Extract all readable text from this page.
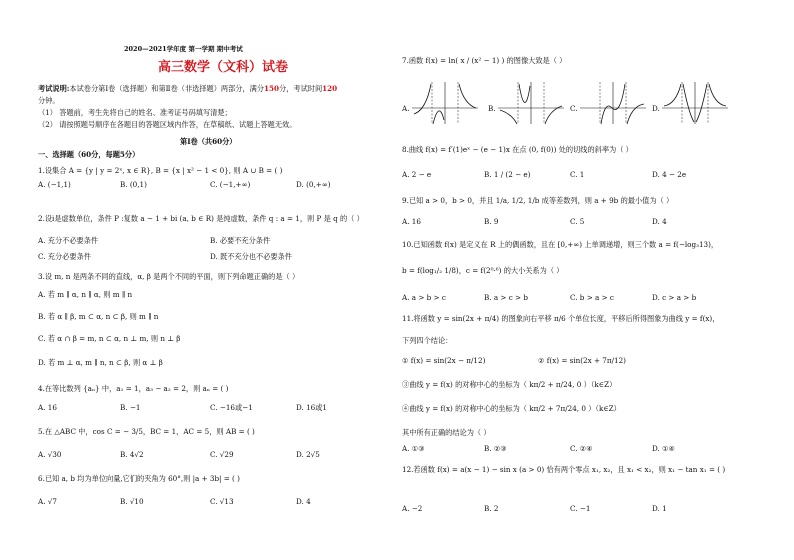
2020—2021学年度 第一学期 期中考试
高三数学（文科）试卷
考试说明:本试卷分第Ⅰ卷（选择题）和第Ⅱ卷（非选择题）两部分，满分150分，考试时间120
分钟。
（1） 答题前，考生先将自己的姓名、准考证号码填写清楚；
（2） 请按照题号顺序在各题目的答题区域内作答，在草稿纸、试题上答题无效。
第Ⅰ卷（共60分）
一、选择题（60分，每题5分）
1.设集合 A = {y | y = 2ˣ, x ∈ R}, B = {x | x² − 1 < 0}, 则 A ∪ B = ( )
A. (−1,1)	B. (0,1)	C. (−1,+∞)	D. (0,+∞)
2.设i是虚数单位，条件 P :复数 a − 1 + bi (a, b ∈ R) 是纯虚数，条件 q : a = 1，则 P 是 q 的（ ）
A. 充分不必要条件	B. 必要不充分条件
C. 充分必要条件	D. 既不充分也不必要条件
3.设 m, n 是两条不同的直线，α, β 是两个不同的平面，则下列命题正确的是（ ）
A. 若 m ∥ α, n ∥ α, 则 m ∥ n
B. 若 α ∥ β, m ⊂ α, n ⊂ β, 则 m ∥ n
C. 若 α ∩ β = m, n ⊂ α, n ⊥ m, 则 n ⊥ β
D. 若 m ⊥ α, m ∥ n, n ⊂ β, 则 α ⊥ β
4.在等比数列 {aₙ} 中，a₁ = 1，a₃ − a₂ = 2，则 aₙ = ( )
A. 16	B. −1	C. −16或−1	D. 16或1
5.在 △ABC 中，cos C = − 3/5，BC = 1，AC = 5，则 AB = ( )
A. √30	B. 4√2	C. √29	D. 2√5
6.已知 a, b 均为单位向量,它们的夹角为 60°,则 |a + 3b| = ( )
A. √7	B. √10	C. √13	D. 4
7.函数 f(x) = ln( x / (x² − 1) ) 的图像大致是（ ）
A.	B.	C.	D.
8.曲线 f(x) = f′(1)eˣ − (e − 1)x 在点 (0, f(0)) 处的切线的斜率为（ ）
A. 2 − e	B. 1 / (2 − e)	C. 1	D. 4 − 2e
9.已知 a > 0，b > 0，并且 1/a, 1/2, 1/b 成等差数列，则 a + 9b 的最小值为（ ）
A. 16	B. 9	C. 5	D. 4
10.已知函数 f(x) 是定义在 R 上的偶函数，且在 [0,+∞) 上单调递增，则三个数 a = f(−log₃13)，
b = f(log₁/₂ 1/8)，c = f(2⁰·⁶) 的大小关系为（ ）
A. a > b > c	B. a > c > b	C. b > a > c	D. c > a > b
11.将函数 y = sin(2x + π/4) 的图象向右平移 π/6 个单位长度，平移后所得图象为曲线 y = f(x)，
下列四个结论：
① f(x) = sin(2x − π/12)	② f(x) = sin(2x + 7π/12)
③曲线 y = f(x) 的对称中心的坐标为（ kπ/2 + π/24, 0 ）（k∈Z）
④曲线 y = f(x) 的对称中心的坐标为（ kπ/2 + 7π/24, 0 ）（k∈Z）
其中所有正确的结论为（ ）
A. ①③	B. ②③	C. ②④	D. ①④
12.若函数 f(x) = a(x − 1) − sin x (a > 0) 恰有两个零点 x₁, x₂，且 x₁ < x₂，则 x₁ − tan x₁ = ( )
A. −2	B. 2	C. −1	D. 1
